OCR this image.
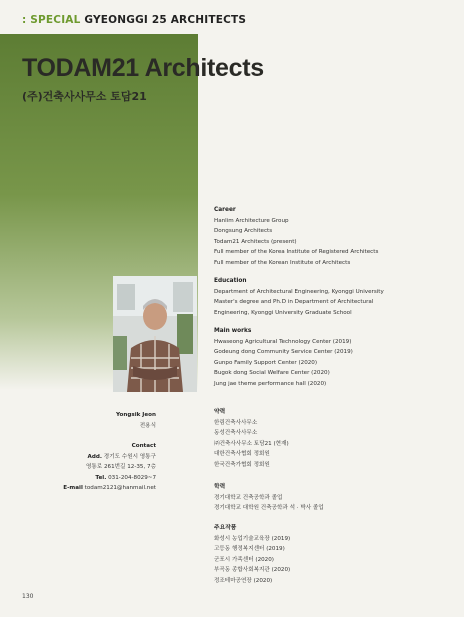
: SPECIAL GYEONGGI 25 ARCHITECTS
TODAM21 Architects
(주)건축사사무소 토담21
Career
Hanlim Architecture Group
Dongsung Architects
Todam21 Architects (present)
Full member of the Korea Institute of Registered Architects
Full member of the Korean Institute of Architects
Education
Department of Architectural Engineering, Kyonggi University
Master's degree and Ph.D in Department of Architectural
Engineering, Kyonggi University Graduate School
Main works
Hwaseong Agricultural Technology Center (2019)
Godeung dong Community Service Center (2019)
Gunpo Family Support Center (2020)
Bugok dong Social Welfare Center (2020)
Jung jae theme performance hall (2020)
Yongsik Jeon
전용식
Contact
Add. 경기도 수원시 영통구
영통로 261번길 12-35, 7층
Tel. 031-204-8029~7
E-mail todam2121@hanmail.net
약력
한림건축사사무소
동성건축사사무소
㈜건축사사무소 토담21 (현재)
대한건축사협회 정회원
한국건축가협회 정회원
학력
경기대학교 건축공학과 졸업
경기대학교 대학원 건축공학과 석 · 박사 졸업
주요작품
화성시 농업기술교육장 (2019)
고등동 행정복지센터 (2019)
군포시 가족센터 (2020)
부곡동 종합사회복지관 (2020)
정조테마공연장 (2020)
130
